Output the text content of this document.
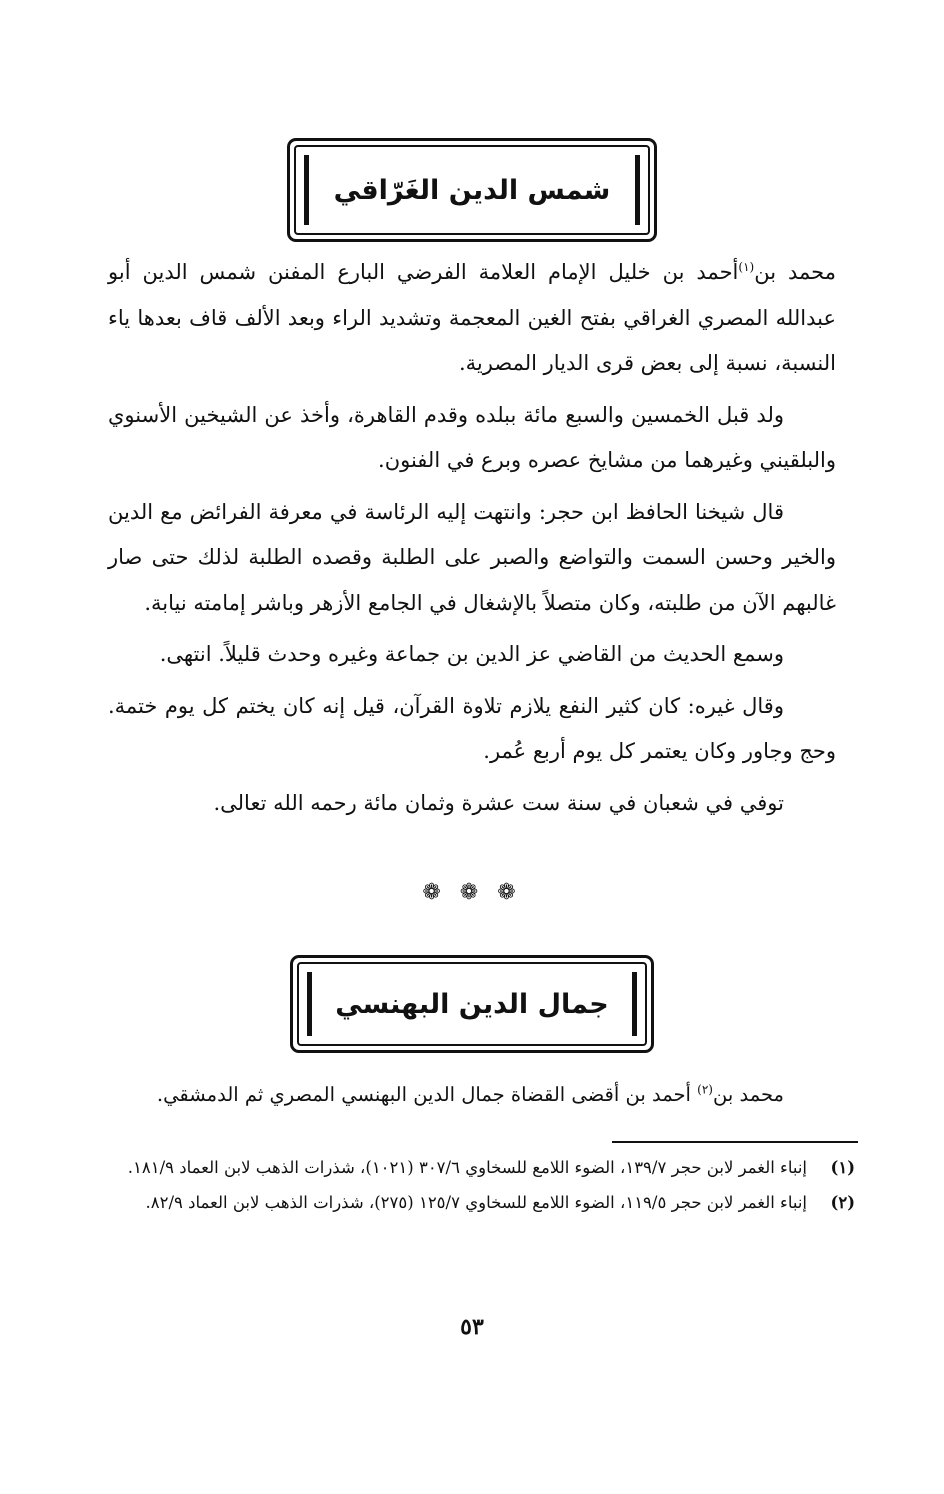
شمس الدين الغَرّاقي

محمد بن$^{(١)}$أحمد بن خليل الإمام العلامة الفرضي البارع المفنن شمس الدين أبو عبدالله المصري الغراقي بفتح الغين المعجمة وتشديد الراء وبعد الألف قاف بعدها ياء النسبة، نسبة إلى بعض قرى الديار المصرية.

ولد قبل الخمسين والسبع مائة ببلده وقدم القاهرة، وأخذ عن الشيخين الأسنوي والبلقيني وغيرهما من مشايخ عصره وبرع في الفنون.

قال شيخنا الحافظ ابن حجر: وانتهت إليه الرئاسة في معرفة الفرائض مع الدين والخير وحسن السمت والتواضع والصبر على الطلبة وقصده الطلبة لذلك حتى صار غالبهم الآن من طلبته، وكان متصلاً بالإشغال في الجامع الأزهر وباشر إمامته نيابة.

وسمع الحديث من القاضي عز الدين بن جماعة وغيره وحدث قليلاً. انتهى.

وقال غيره: كان كثير النفع يلازم تلاوة القرآن، قيل إنه كان يختم كل يوم ختمة. وحج وجاور وكان يعتمر كل يوم أربع عُمر.

توفي في شعبان في سنة ست عشرة وثمان مائة رحمه الله تعالى.

❁ ❁ ❁
جمال الدين البهنسي

محمد بن$^{(٢)}$ أحمد بن أقضى القضاة جمال الدين البهنسي المصري ثم الدمشقي.

(١)
إنباء الغمر لابن حجر ١٣٩/٧، الضوء اللامع للسخاوي ٣٠٧/٦ (١٠٢١)، شذرات الذهب لابن العماد ١٨١/٩.
(٢)
إنباء الغمر لابن حجر ١١٩/٥، الضوء اللامع للسخاوي ١٢٥/٧ (٢٧٥)، شذرات الذهب لابن العماد ٨٢/٩.
٥٣
